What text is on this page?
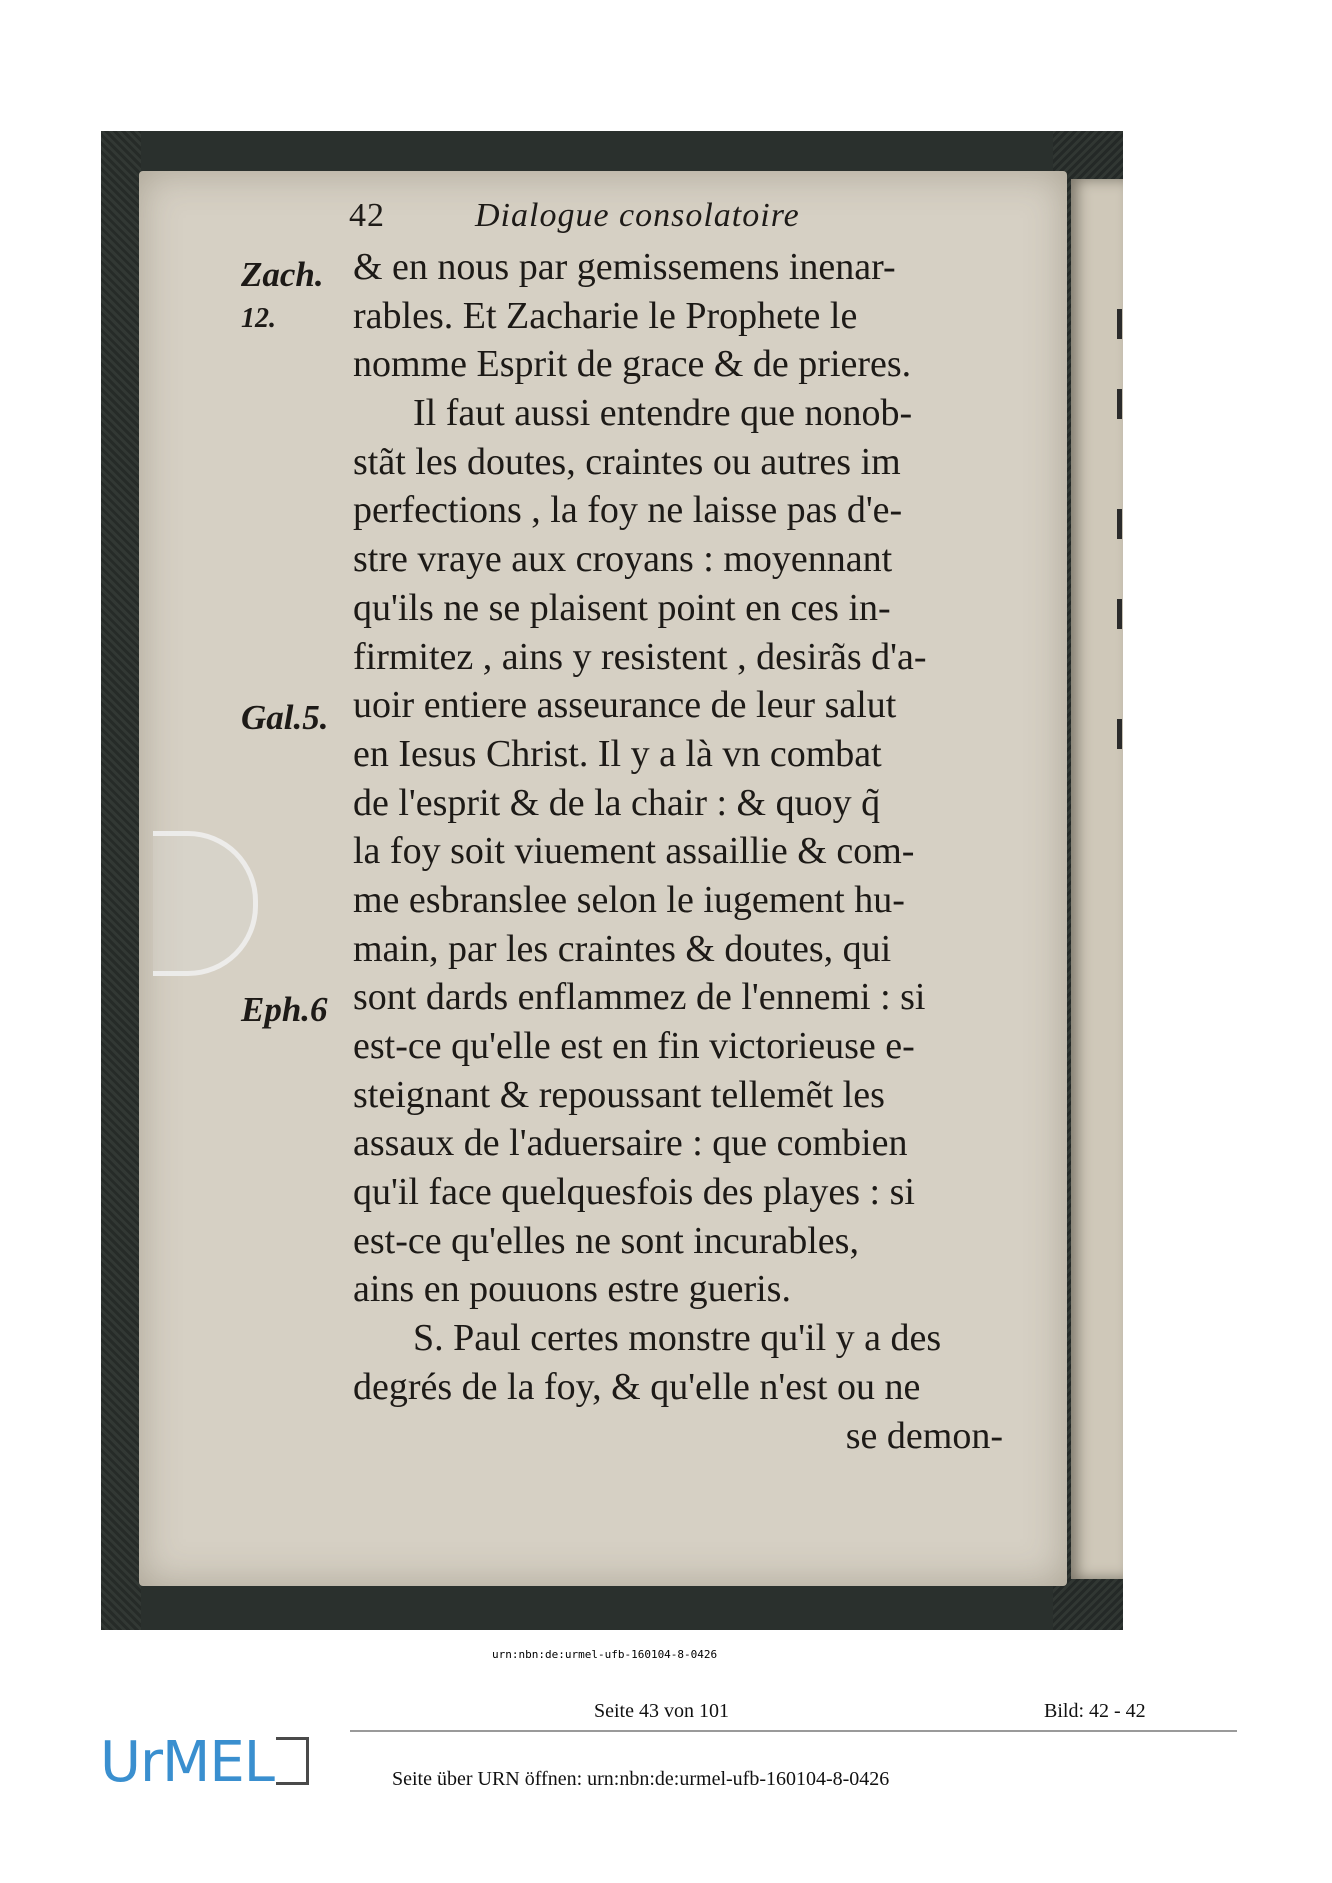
42	Dialogue consolatoire
Zach.
12.
Gal.5.
Eph.6
& en nous par gemissemens inenar-
rables. Et Zacharie le Prophete le
nomme Esprit de grace & de prieres.
Il faut aussi entendre que nonob-
stãt les doutes, craintes ou autres im
perfections , la foy ne laisse pas d'e-
stre vraye aux croyans : moyennant
qu'ils ne se plaisent point en ces in-
firmitez , ains y resistent , desirãs d'a-
uoir entiere asseurance de leur salut
en Iesus Christ. Il y a là vn combat
de l'esprit & de la chair : & quoy q̃
la foy soit viuement assaillie & com-
me esbranslee selon le iugement hu-
main, par les craintes & doutes, qui
sont dards enflammez de l'ennemi : si
est-ce qu'elle est en fin victorieuse e-
steignant & repoussant tellemẽt les
assaux de l'aduersaire : que combien
qu'il face quelquesfois des playes : si
est-ce qu'elles ne sont incurables,
ains en pouuons estre gueris.
S. Paul certes monstre qu'il y a des
degrés de la foy, & qu'elle n'est ou ne
se demon-
urn:nbn:de:urmel-ufb-160104-8-0426
Seite 43 von 101	Bild: 42 - 42
UrMEL	Seite über URN öffnen: urn:nbn:de:urmel-ufb-160104-8-0426
